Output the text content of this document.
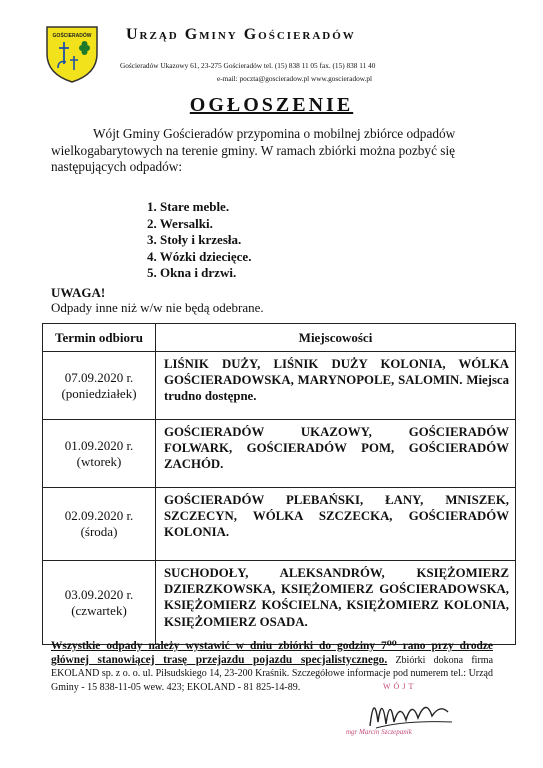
GOŚCIERADÓW Urząd Gminy Gościeradów
Gościeradów Ukazowy 61, 23-275 Gościeradów tel. (15) 838 11 05 fax. (15) 838 11 40
e-mail: poczta@goscieradow.pl www.goscieradow.pl
OGŁOSZENIE
Wójt Gminy Gościeradów przypomina o mobilnej zbiórce odpadów wielkogabarytowych na terenie gminy. W ramach zbiórki można pozbyć się następujących odpadów:
1. Stare meble.
2. Wersalki.
3. Stoły i krzesła.
4. Wózki dziecięce.
5. Okna i drzwi.
UWAGA!
Odpady inne niż w/w nie będą odebrane.
Termin odbioru	Miejscowości
07.09.2020 r.
(poniedziałek)	LIŚNIK DUŻY, LIŚNIK DUŻY KOLONIA, WÓLKA GOŚCIERADOWSKA, MARYNOPOLE, SALOMIN. Miejsca trudno dostępne.
01.09.2020 r.
(wtorek)	GOŚCIERADÓW UKAZOWY, GOŚCIERADÓW FOLWARK, GOŚCIERADÓW POM, GOŚCIERADÓW ZACHÓD.
02.09.2020 r.
(środa)	GOŚCIERADÓW PLEBAŃSKI, ŁANY, MNISZEK, SZCZECYN, WÓLKA SZCZECKA, GOŚCIERADÓW KOLONIA.
03.09.2020 r.
(czwartek)	SUCHODOŁY, ALEKSANDRÓW, KSIĘŻOMIERZ DZIERZKOWSKA, KSIĘŻOMIERZ GOŚCIERADOWSKA, KSIĘŻOMIERZ KOŚCIELNA, KSIĘŻOMIERZ KOLONIA, KSIĘŻOMIERZ OSADA.
Wszystkie odpady należy wystawić w dniu zbiórki do godziny 7⁰⁰ rano przy drodze głównej stanowiącej trasę przejazdu pojazdu specjalistycznego. Zbiórki dokona firma EKOLAND sp. z o. o. ul. Piłsudskiego 14, 23-200 Kraśnik. Szczegółowe informacje pod numerem tel.: Urząd Gminy - 15 838-11-05 wew. 423; EKOLAND - 81 825-14-89.	WÓJT
mgr Marcin Szczepanik
